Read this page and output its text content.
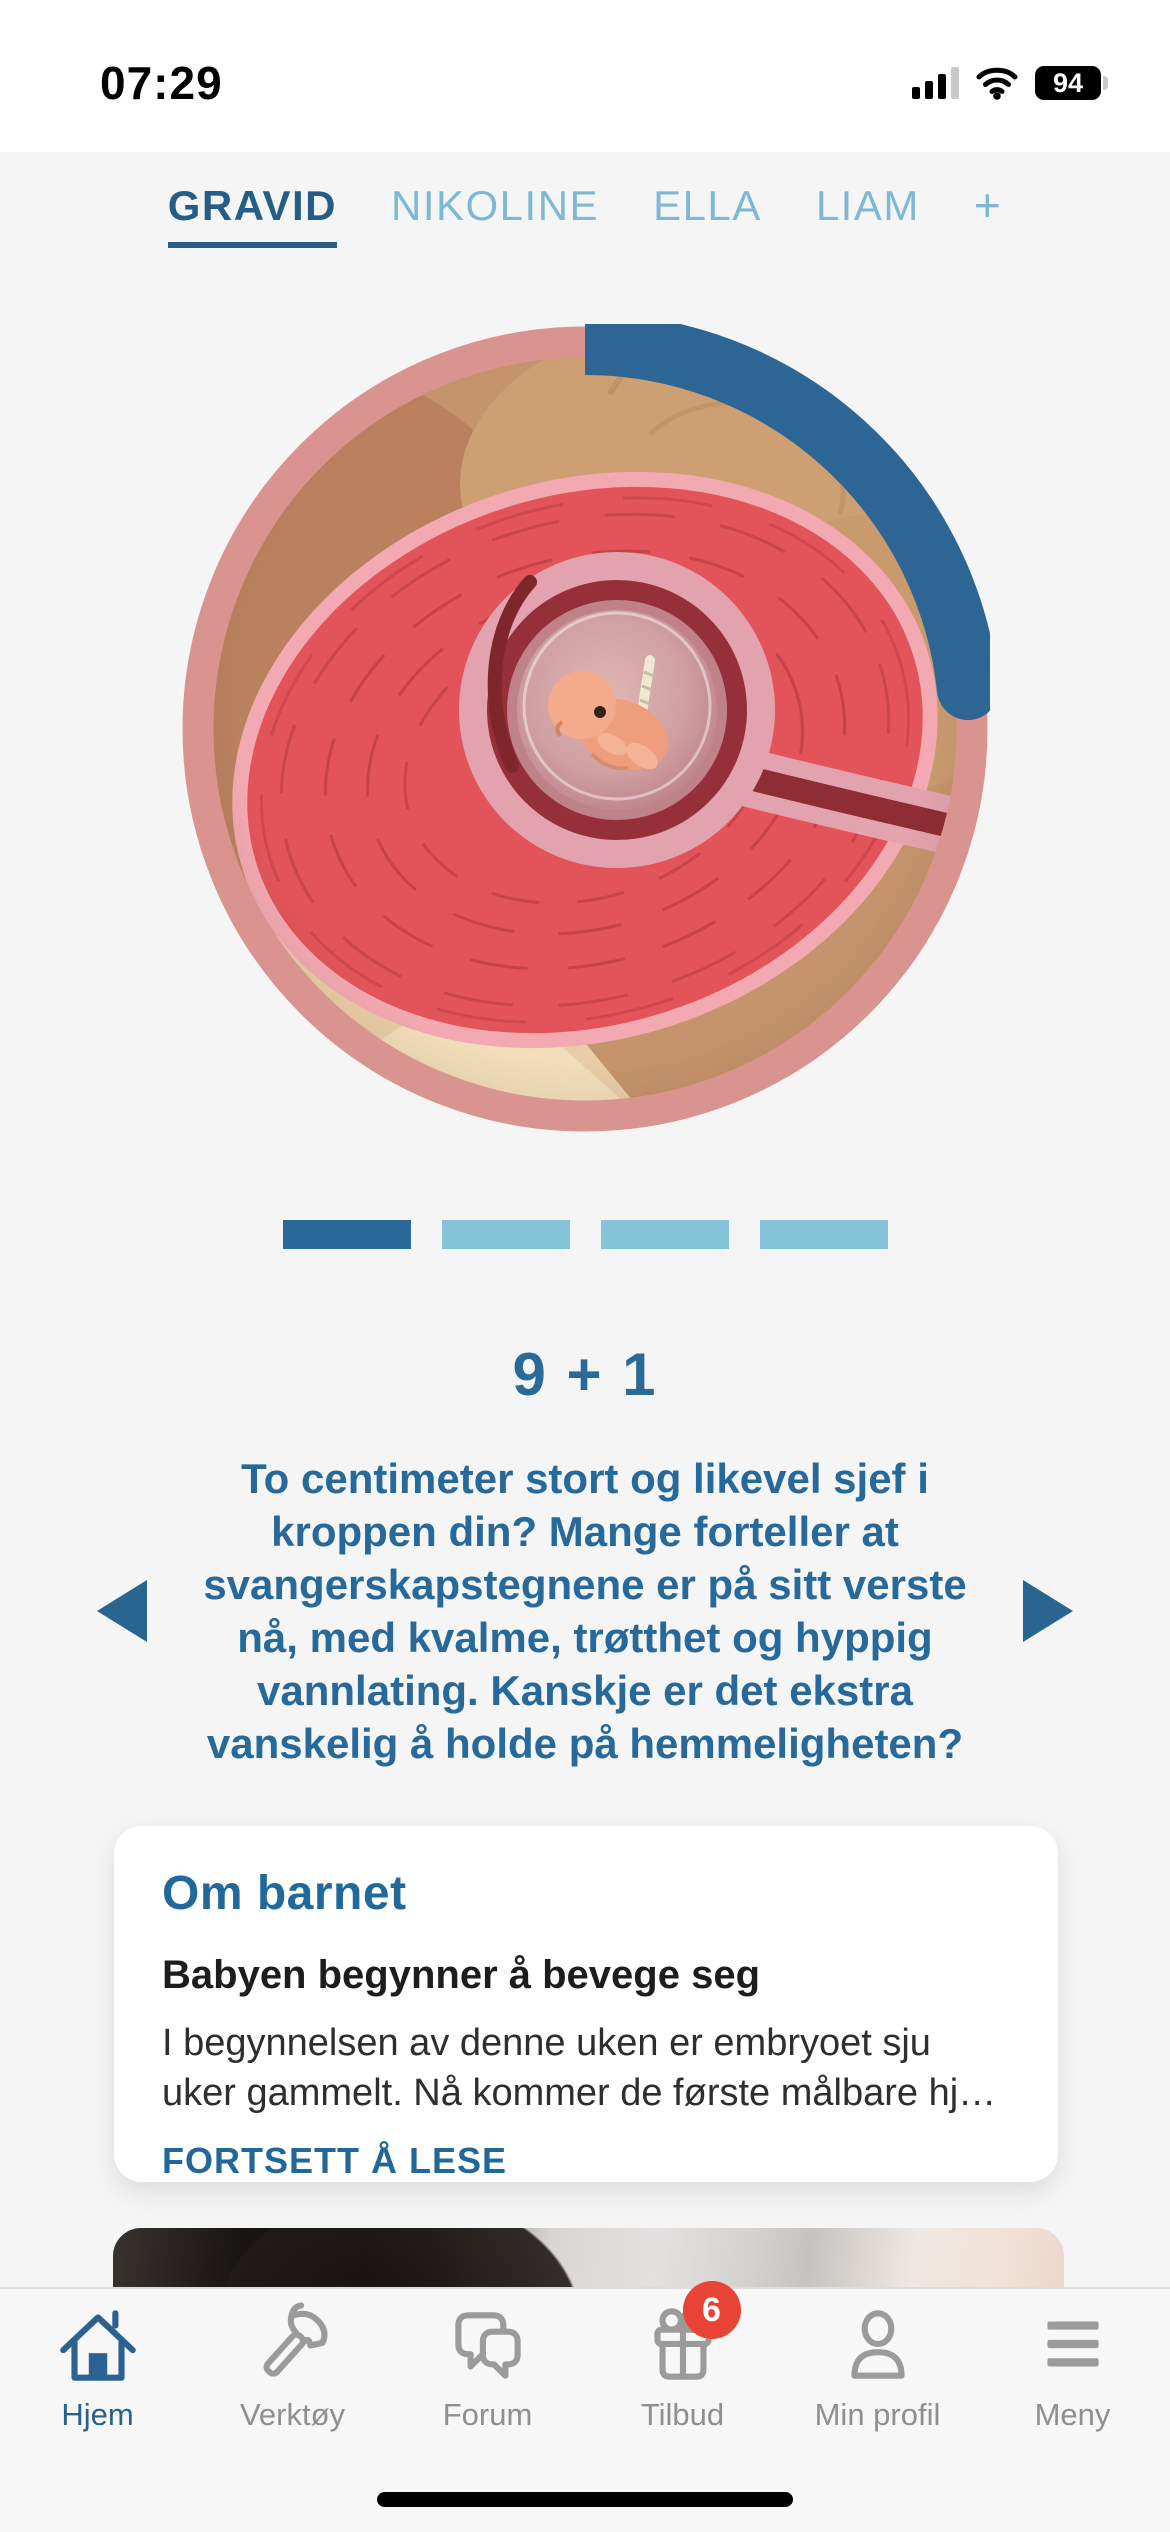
07:29	94
GRAVID NIKOLINE ELLA LIAM +
9 + 1
To centimeter stort og likevel sjef i
kroppen din? Mange forteller at
svangerskapstegnene er på sitt verste
nå, med kvalme, trøtthet og hyppig
vannlating. Kanskje er det ekstra
vanskelig å holde på hemmeligheten?
Om barnet
Babyen begynner å bevege seg
I begynnelsen av denne uken er embryoet sju uker gammelt. Nå kommer de første målbare hj…
FORTSETT Å LESE
Hjem	Verktøy	Forum
6
Tilbud	Min profil	Meny
